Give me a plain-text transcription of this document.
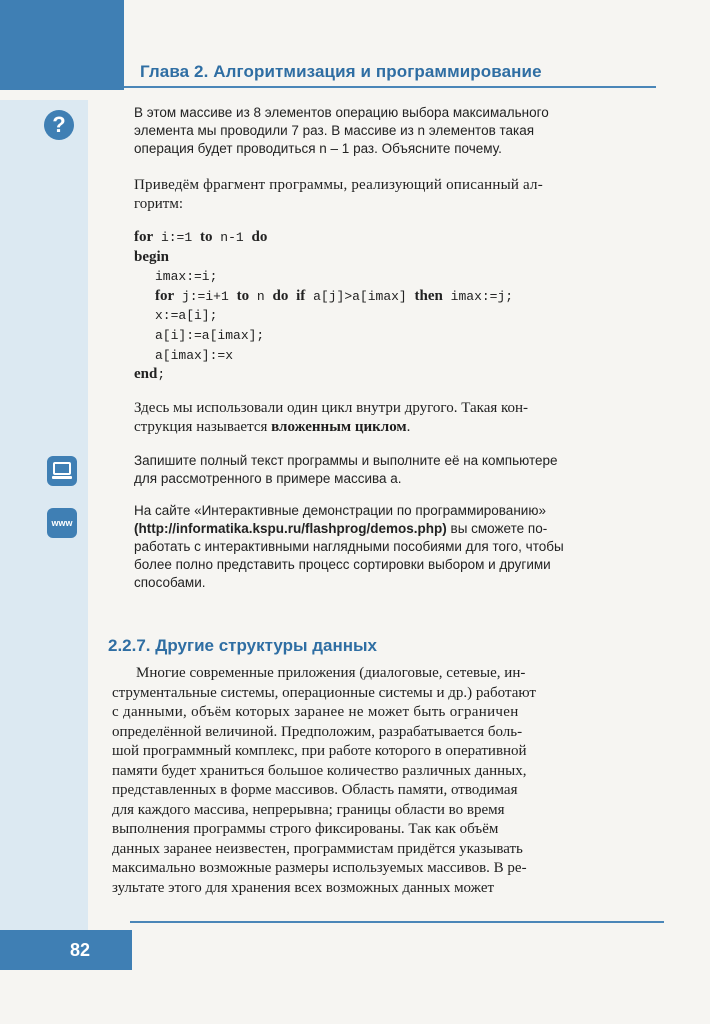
Глава 2. Алгоритмизация и программирование
?	В этом массиве из 8 элементов операцию выбора максимального
элемента мы проводили 7 раз. В массиве из n элементов такая
операция будет проводиться n – 1 раз. Объясните почему.
Приведём фрагмент программы, реализующий описанный ал-
горитм:
for i:=1 to n-1 do
begin
imax:=i;
for j:=i+1 to n do if a[j]>a[imax] then imax:=j;
x:=a[i];
a[i]:=a[imax];
a[imax]:=x
end;
Здесь мы использовали один цикл внутри другого. Такая кон-
струкция называется вложенным циклом.
Запишите полный текст программы и выполните её на компьютере
для рассмотренного в примере массива a.
www
На сайте «Интерактивные демонстрации по программированию»
(http://informatika.kspu.ru/flashprog/demos.php) вы сможете по-
работать с интерактивными наглядными пособиями для того, чтобы
более полно представить процесс сортировки выбором и другими
способами.
2.2.7. Другие структуры данных
Многие современные приложения (диалоговые, сетевые, ин-
струментальные системы, операционные системы и др.) работают
с данными, объём которых заранее не может быть ограничен
определённой величиной. Предположим, разрабатывается боль-
шой программный комплекс, при работе которого в оперативной
памяти будет храниться большое количество различных данных,
представленных в форме массивов. Область памяти, отводимая
для каждого массива, непрерывна; границы области во время
выполнения программы строго фиксированы. Так как объём
данных заранее неизвестен, программистам придётся указывать
максимально возможные размеры используемых массивов. В ре-
зультате этого для хранения всех возможных данных может
82
